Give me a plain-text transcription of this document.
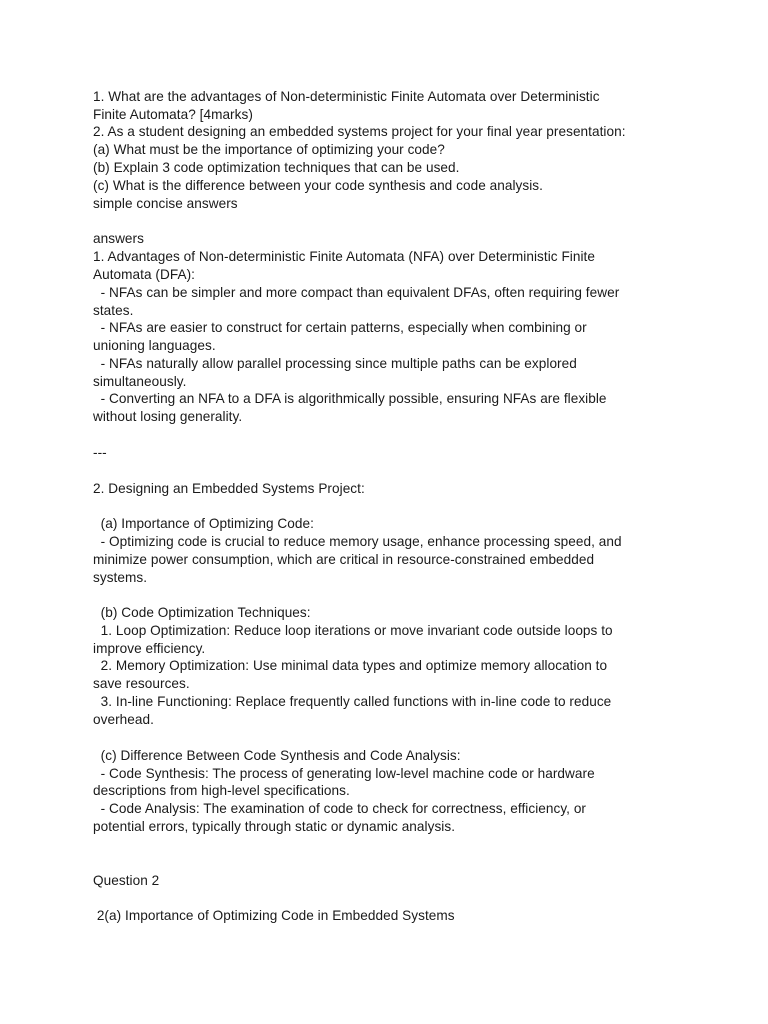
1. What are the advantages of Non-deterministic Finite Automata over Deterministic
Finite Automata? [4marks)
2. As a student designing an embedded systems project for your final year presentation:
(a) What must be the importance of optimizing your code?
(b) Explain 3 code optimization techniques that can be used.
(c) What is the difference between your code synthesis and code analysis.
simple concise answers
answers
1. Advantages of Non-deterministic Finite Automata (NFA) over Deterministic Finite
Automata (DFA):
- NFAs can be simpler and more compact than equivalent DFAs, often requiring fewer
states.
- NFAs are easier to construct for certain patterns, especially when combining or
unioning languages.
- NFAs naturally allow parallel processing since multiple paths can be explored
simultaneously.
- Converting an NFA to a DFA is algorithmically possible, ensuring NFAs are flexible
without losing generality.
---
2. Designing an Embedded Systems Project:
(a) Importance of Optimizing Code:
- Optimizing code is crucial to reduce memory usage, enhance processing speed, and
minimize power consumption, which are critical in resource-constrained embedded
systems.
(b) Code Optimization Techniques:
1. Loop Optimization: Reduce loop iterations or move invariant code outside loops to
improve efficiency.
2. Memory Optimization: Use minimal data types and optimize memory allocation to
save resources.
3. In-line Functioning: Replace frequently called functions with in-line code to reduce
overhead.
(c) Difference Between Code Synthesis and Code Analysis:
- Code Synthesis: The process of generating low-level machine code or hardware
descriptions from high-level specifications.
- Code Analysis: The examination of code to check for correctness, efficiency, or
potential errors, typically through static or dynamic analysis.
Question 2
2(a) Importance of Optimizing Code in Embedded Systems
